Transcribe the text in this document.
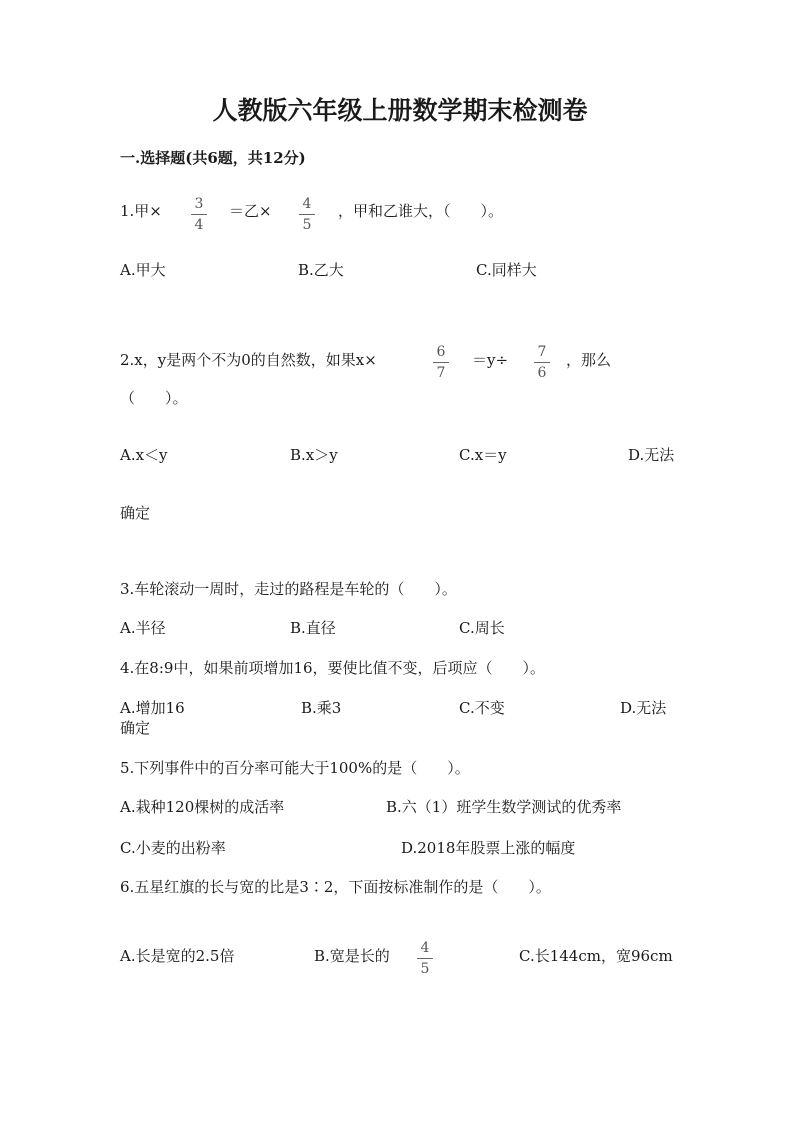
人教版六年级上册数学期末检测卷
一.选择题(共6题，共12分)
1.甲×	3
4
＝乙×	4
5
，甲和乙谁大，（　　）。
A.甲大	B.乙大	C.同样大
2.x，y是两个不为0的自然数，如果x×	6
7
＝y÷	7
6
，那么
（　　）。
A.x＜y	B.x＞y	C.x＝y	D.无法
确定
3.车轮滚动一周时，走过的路程是车轮的（　　）。
A.半径	B.直径	C.周长
4.在8:9中，如果前项增加16，要使比值不变，后项应（　　）。
A.增加16	B.乘3	C.不变	D.无法
确定
5.下列事件中的百分率可能大于100%的是（　　）。
A.栽种120棵树的成活率	B.六（1）班学生数学测试的优秀率
C.小麦的出粉率	D.2018年股票上涨的幅度
6.五星红旗的长与宽的比是3∶2，下面按标准制作的是（　　）。
A.长是宽的2.5倍	B.宽是长的	4
5
C.长144cm，宽96cm
